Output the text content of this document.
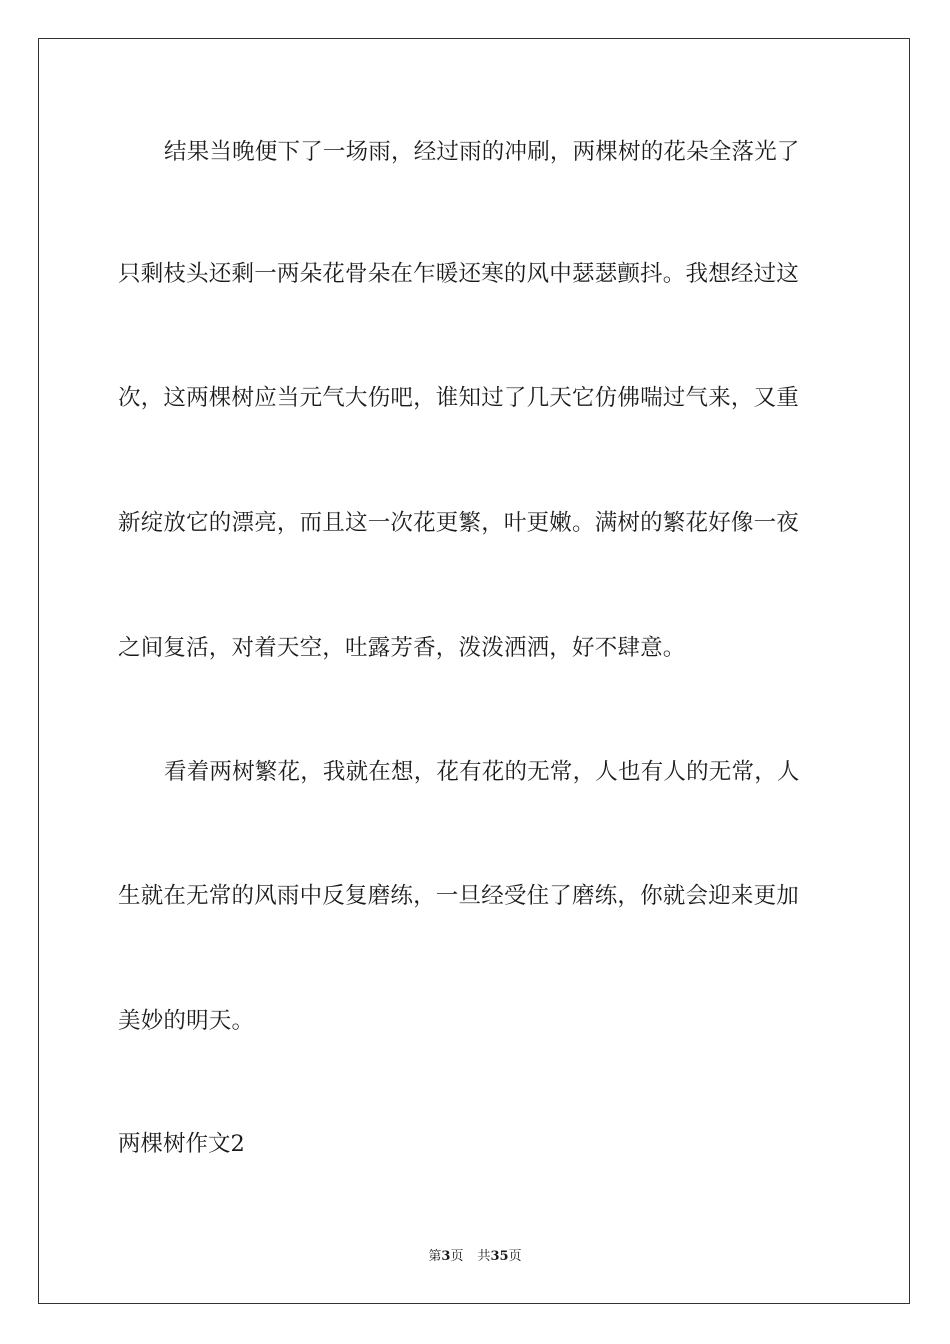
结果当晚便下了一场雨，经过雨的冲刷，两棵树的花朵全落光了
只剩枝头还剩一两朵花骨朵在乍暖还寒的风中瑟瑟颤抖。我想经过这
次，这两棵树应当元气大伤吧，谁知过了几天它仿佛喘过气来，又重
新绽放它的漂亮，而且这一次花更繁，叶更嫩。满树的繁花好像一夜
之间复活，对着天空，吐露芳香，泼泼洒洒，好不肆意。
看着两树繁花，我就在想，花有花的无常，人也有人的无常，人
生就在无常的风雨中反复磨练，一旦经受住了磨练，你就会迎来更加
美妙的明天。
两棵树作文2
第3页 共35页
